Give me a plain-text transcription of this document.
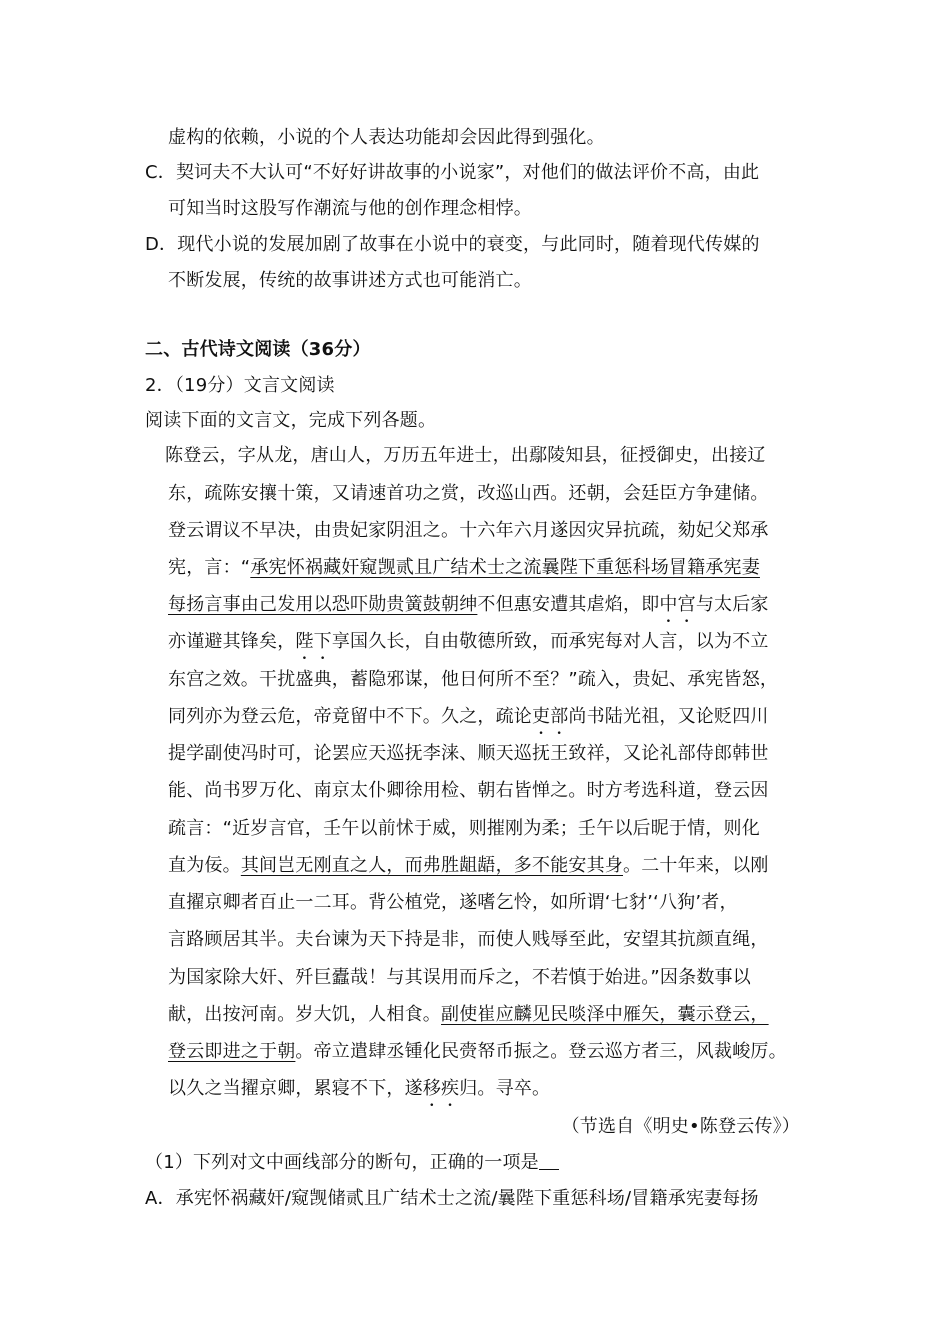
虚构的依赖，小说的个人表达功能却会因此得到强化。
C．契诃夫不大认可“不好好讲故事的小说家”，对他们的做法评价不高，由此
可知当时这股写作潮流与他的创作理念相悖。
D．现代小说的发展加剧了故事在小说中的衰变，与此同时，随着现代传媒的
不断发展，传统的故事讲述方式也可能消亡。
二、古代诗文阅读（36分）
2．（19分）文言文阅读
阅读下面的文言文，完成下列各题。
陈登云，字从龙，唐山人，万历五年进士，出鄢陵知县，征授御史，出接辽
东，疏陈安攘十策，又请速首功之赏，改巡山西。还朝，会廷臣方争建储。
登云谓议不早决，由贵妃家阴沮之。十六年六月遂因灾异抗疏，劾妃父郑承
宪，言：“承宪怀祸藏奸窥觊贰且广结术士之流曩陛下重惩科场冒籍承宪妻
每扬言事由己发用以恐吓勋贵簧鼓朝绅不但惠安遭其虐焰，即中宫与太后家
亦谨避其锋矣，陛下享国久长，自由敬德所致，而承宪每对人言，以为不立
东宫之效。干扰盛典，蓄隐邪谋，他日何所不至？”疏入，贵妃、承宪皆怒，
同列亦为登云危，帝竟留中不下。久之，疏论吏部尚书陆光祖，又论贬四川
提学副使冯时可，论罢应天巡抚李涞、顺天巡抚王致祥，又论礼部侍郎韩世
能、尚书罗万化、南京太仆卿徐用检、朝右皆惮之。时方考选科道，登云因
疏言：“近岁言官，壬午以前怵于威，则摧刚为柔；壬午以后昵于情，则化
直为佞。其间岂无刚直之人，而弗胜龃龉，多不能安其身。二十年来，以刚
直擢京卿者百止一二耳。背公植党，遂嗜乞怜，如所谓‘七豺’‘八狗’者，
言路顾居其半。夫台谏为天下持是非，而使人贱辱至此，安望其抗颜直绳，
为国家除大奸、歼巨蠹哉！与其误用而斥之，不若慎于始进。”因条数事以
献，出按河南。岁大饥，人相食。副使崔应麟见民啖泽中雁矢，囊示登云，
登云即进之于朝。帝立遣肆丞锺化民赍帑币振之。登云巡方者三，风裁峻厉。
以久之当擢京卿，累寝不下，遂移疾归。寻卒。
（节选自《明史•陈登云传》）
（1）下列对文中画线部分的断句，正确的一项是
A．承宪怀祸藏奸/窥觊储贰且广结术士之流/曩陛下重惩科场/冒籍承宪妻每扬
